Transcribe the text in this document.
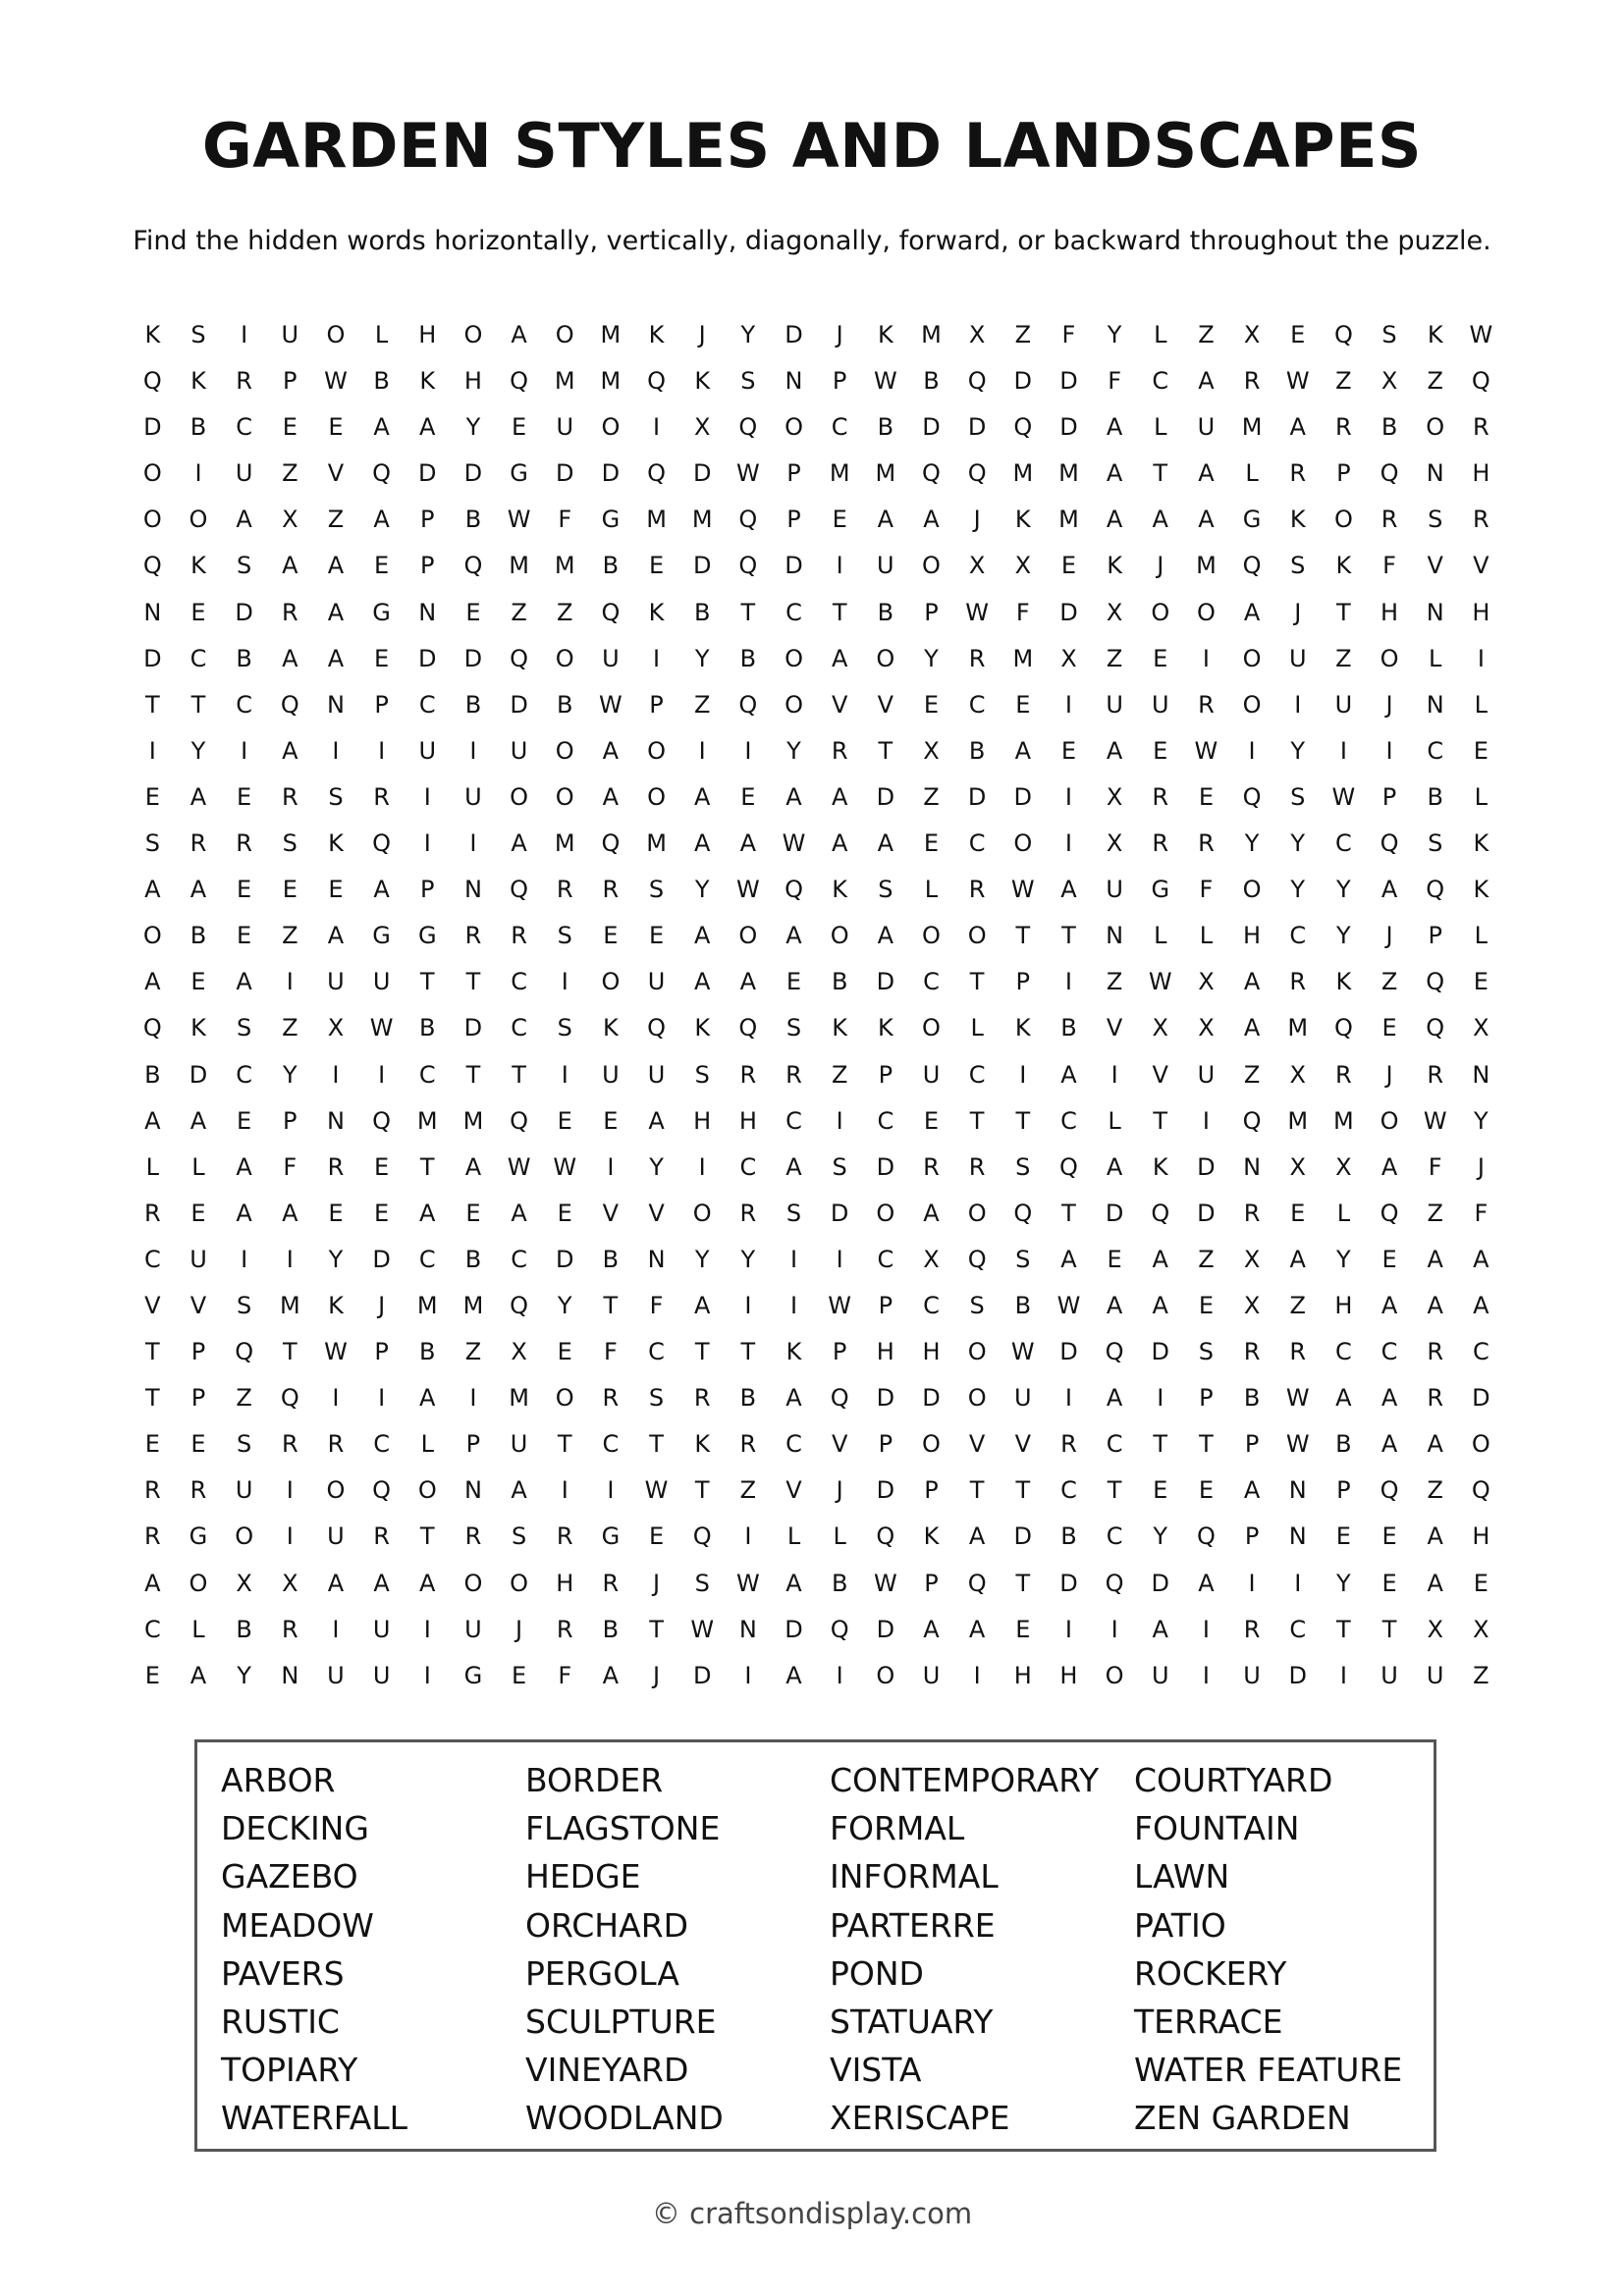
GARDEN STYLES AND LANDSCAPES

Find the hidden words horizontally, vertically, diagonally, forward, or backward throughout the puzzle.

K	S	I	U	O	L	H	O	A	O	M	K	J	Y	D	J	K	M	X	Z	F	Y	L	Z	X	E	Q	S	K	W
Q	K	R	P	W	B	K	H	Q	M	M	Q	K	S	N	P	W	B	Q	D	D	F	C	A	R	W	Z	X	Z	Q
D	B	C	E	E	A	A	Y	E	U	O	I	X	Q	O	C	B	D	D	Q	D	A	L	U	M	A	R	B	O	R
O	I	U	Z	V	Q	D	D	G	D	D	Q	D	W	P	M	M	Q	Q	M	M	A	T	A	L	R	P	Q	N	H
O	O	A	X	Z	A	P	B	W	F	G	M	M	Q	P	E	A	A	J	K	M	A	A	A	G	K	O	R	S	R
Q	K	S	A	A	E	P	Q	M	M	B	E	D	Q	D	I	U	O	X	X	E	K	J	M	Q	S	K	F	V	V
N	E	D	R	A	G	N	E	Z	Z	Q	K	B	T	C	T	B	P	W	F	D	X	O	O	A	J	T	H	N	H
D	C	B	A	A	E	D	D	Q	O	U	I	Y	B	O	A	O	Y	R	M	X	Z	E	I	O	U	Z	O	L	I
T	T	C	Q	N	P	C	B	D	B	W	P	Z	Q	O	V	V	E	C	E	I	U	U	R	O	I	U	J	N	L
I	Y	I	A	I	I	U	I	U	O	A	O	I	I	Y	R	T	X	B	A	E	A	E	W	I	Y	I	I	C	E
E	A	E	R	S	R	I	U	O	O	A	O	A	E	A	A	D	Z	D	D	I	X	R	E	Q	S	W	P	B	L
S	R	R	S	K	Q	I	I	A	M	Q	M	A	A	W	A	A	E	C	O	I	X	R	R	Y	Y	C	Q	S	K
A	A	E	E	E	A	P	N	Q	R	R	S	Y	W	Q	K	S	L	R	W	A	U	G	F	O	Y	Y	A	Q	K
O	B	E	Z	A	G	G	R	R	S	E	E	A	O	A	O	A	O	O	T	T	N	L	L	H	C	Y	J	P	L
A	E	A	I	U	U	T	T	C	I	O	U	A	A	E	B	D	C	T	P	I	Z	W	X	A	R	K	Z	Q	E
Q	K	S	Z	X	W	B	D	C	S	K	Q	K	Q	S	K	K	O	L	K	B	V	X	X	A	M	Q	E	Q	X
B	D	C	Y	I	I	C	T	T	I	U	U	S	R	R	Z	P	U	C	I	A	I	V	U	Z	X	R	J	R	N
A	A	E	P	N	Q	M	M	Q	E	E	A	H	H	C	I	C	E	T	T	C	L	T	I	Q	M	M	O	W	Y
L	L	A	F	R	E	T	A	W W	I	Y	I	C	A	S	D	R	R	S	Q	A	K	D	N	X	X	A	F	J
R	E	A	A	E	E	A	E	A	E	V	V	O	R	S	D	O	A	O	Q	T	D	Q	D	R	E	L	Q	Z	F
C	U	I	I	Y	D	C	B	C	D	B	N	Y	Y	I	I	C	X	Q	S	A	E	A	Z	X	A	Y	E	A	A
V	V	S	M	K	J	M	M	Q	Y	T	F	A	I	I	W	P	C	S	B	W	A	A	E	X	Z	H	A	A	A
T	P	Q	T	W	P	B	Z	X	E	F	C	T	T	K	P	H	H	O	W	D	Q	D	S	R	R	C	C	R	C
T	P	Z	Q	I	I	A	I	M	O	R	S	R	B	A	Q	D	D	O	U	I	A	I	P	B	W	A	A	R	D
E	E	S	R	R	C	L	P	U	T	C	T	K	R	C	V	P	O	V	V	R	C	T	T	P	W	B	A	A	O
R	R	U	I	O	Q	O	N	A	I	I	W	T	Z	V	J	D	P	T	T	C	T	E	E	A	N	P	Q	Z	Q
R	G	O	I	U	R	T	R	S	R	G	E	Q	I	L	L	Q	K	A	D	B	C	Y	Q	P	N	E	E	A	H
A	O	X	X	A	A	A	O	O	H	R	J	S	W	A	B	W	P	Q	T	D	Q	D	A	I	I	Y	E	A	E
C	L	B	R	I	U	I	U	J	R	B	T	W	N	D	Q	D	A	A	E	I	I	A	I	R	C	T	T	X	X
E	A	Y	N	U	U	I	G	E	F	A	J	D	I	A	I	O	U	I	H	H	O	U	I	U	D	I	U	U	Z
ARBOR	BORDER	CONTEMPORARY	COURTYARD
DECKING	FLAGSTONE	FORMAL	FOUNTAIN
GAZEBO	HEDGE	INFORMAL	LAWN
MEADOW	ORCHARD	PARTERRE	PATIO
PAVERS	PERGOLA	POND	ROCKERY
RUSTIC	SCULPTURE	STATUARY	TERRACE
TOPIARY	VINEYARD	VISTA	WATER FEATURE
WATERFALL	WOODLAND	XERISCAPE	ZEN GARDEN

© craftsondisplay.com
